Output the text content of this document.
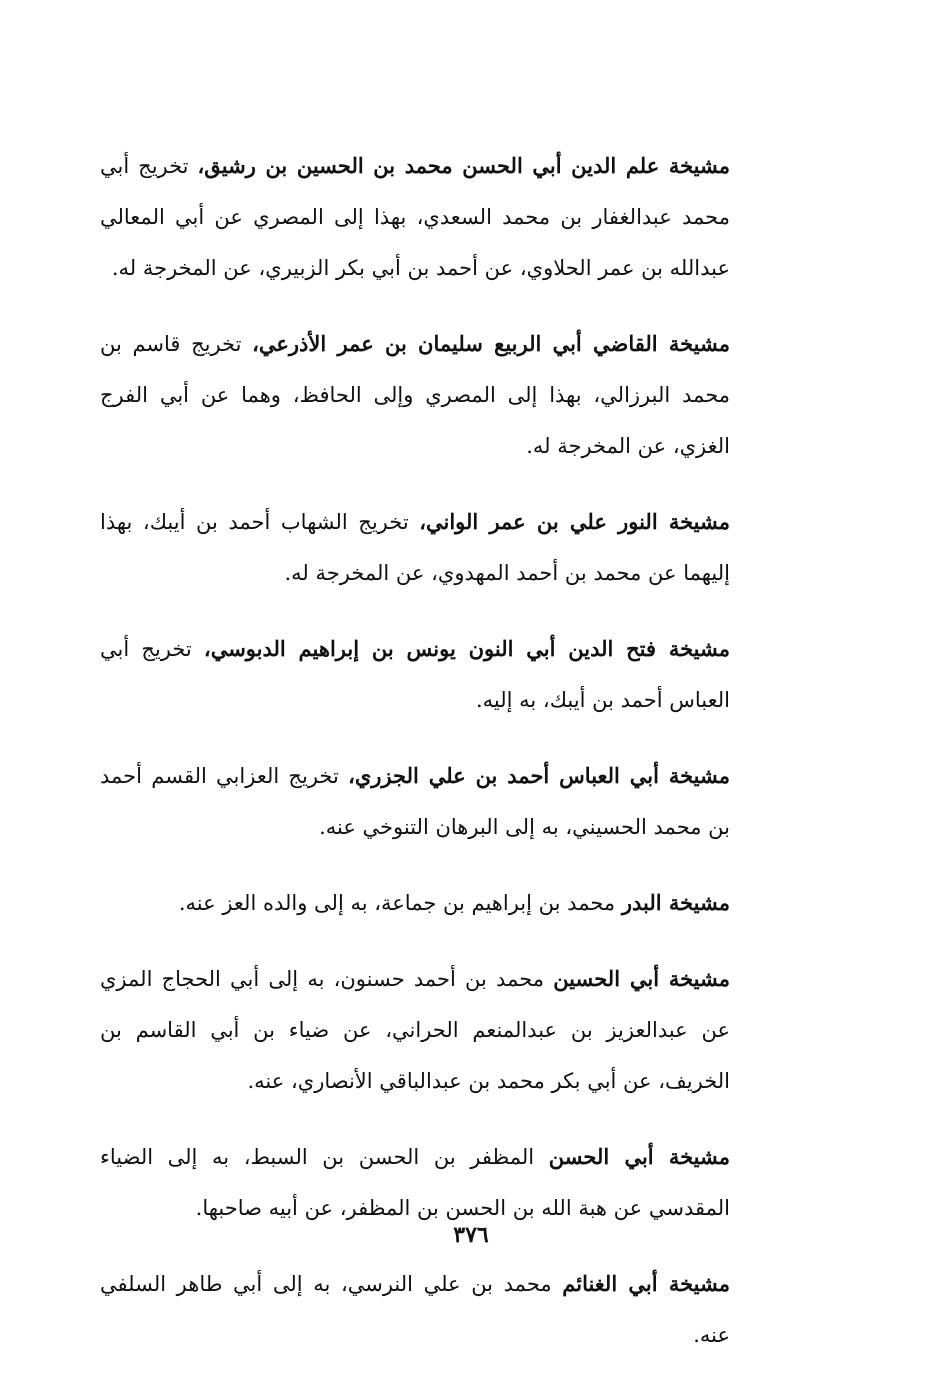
مشيخة علم الدين أبي الحسن محمد بن الحسين بن رشيق، تخريج أبي محمد عبدالغفار بن محمد السعدي، بهذا إلى المصري عن أبي المعالي عبدالله بن عمر الحلاوي، عن أحمد بن أبي بكر الزبيري، عن المخرجة له.

مشيخة القاضي أبي الربيع سليمان بن عمر الأذرعي، تخريج قاسم بن محمد البرزالي، بهذا إلى المصري وإلى الحافظ، وهما عن أبي الفرج الغزي، عن المخرجة له.

مشيخة النور علي بن عمر الواني، تخريج الشهاب أحمد بن أيبك، بهذا إليهما عن محمد بن أحمد المهدوي، عن المخرجة له.

مشيخة فتح الدين أبي النون يونس بن إبراهيم الدبوسي، تخريج أبي العباس أحمد بن أيبك، به إليه.

مشيخة أبي العباس أحمد بن علي الجزري، تخريج العزابي القسم أحمد بن محمد الحسيني، به إلى البرهان التنوخي عنه.

مشيخة البدر محمد بن إبراهيم بن جماعة، به إلى والده العز عنه.

مشيخة أبي الحسين محمد بن أحمد حسنون، به إلى أبي الحجاج المزي عن عبدالعزيز بن عبدالمنعم الحراني، عن ضياء بن أبي القاسم بن الخريف، عن أبي بكر محمد بن عبدالباقي الأنصاري، عنه.

مشيخة أبي الحسن المظفر بن الحسن بن السبط، به إلى الضياء المقدسي عن هبة الله بن الحسن بن المظفر، عن أبيه صاحبها.

مشيخة أبي الغنائم محمد بن علي النرسي، به إلى أبي طاهر السلفي عنه.

٣٧٦
